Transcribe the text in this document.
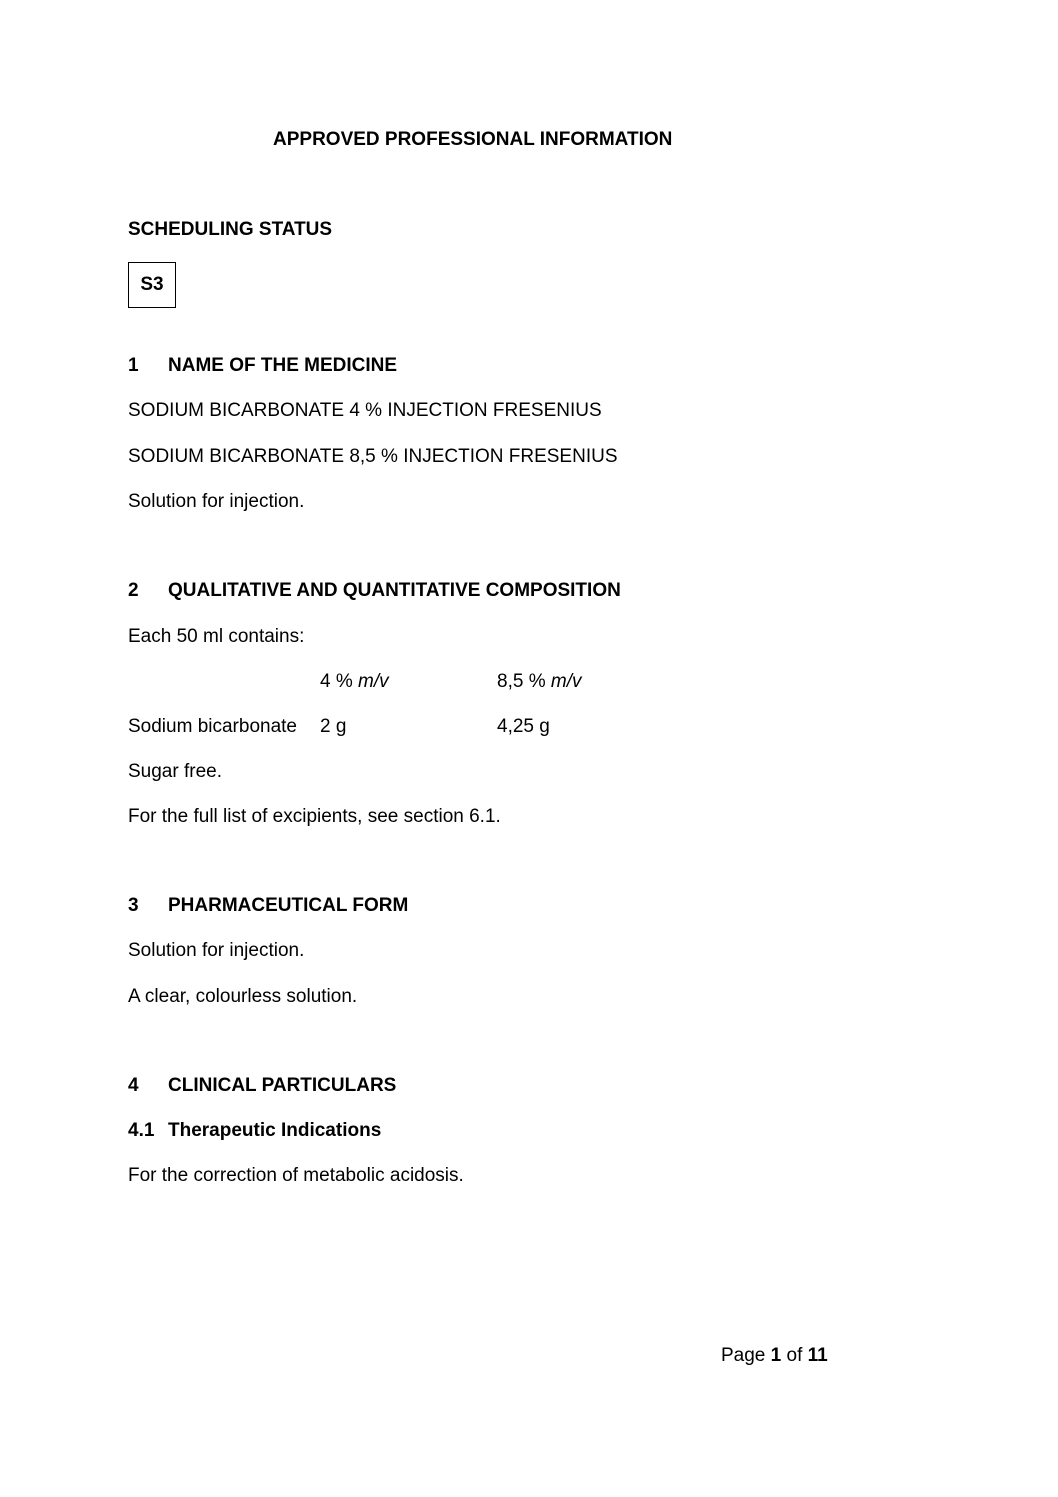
APPROVED PROFESSIONAL INFORMATION
SCHEDULING STATUS
S3
1 NAME OF THE MEDICINE
SODIUM BICARBONATE 4 % INJECTION FRESENIUS
SODIUM BICARBONATE 8,5 % INJECTION FRESENIUS
Solution for injection.
2 QUALITATIVE AND QUANTITATIVE COMPOSITION
Each 50 ml contains:
4 % m/v	8,5 % m/v
Sodium bicarbonate 2 g	4,25 g
Sugar free.
For the full list of excipients, see section 6.1.
3 PHARMACEUTICAL FORM
Solution for injection.
A clear, colourless solution.
4 CLINICAL PARTICULARS
4.1 Therapeutic Indications
For the correction of metabolic acidosis.
Page 1 of 11
